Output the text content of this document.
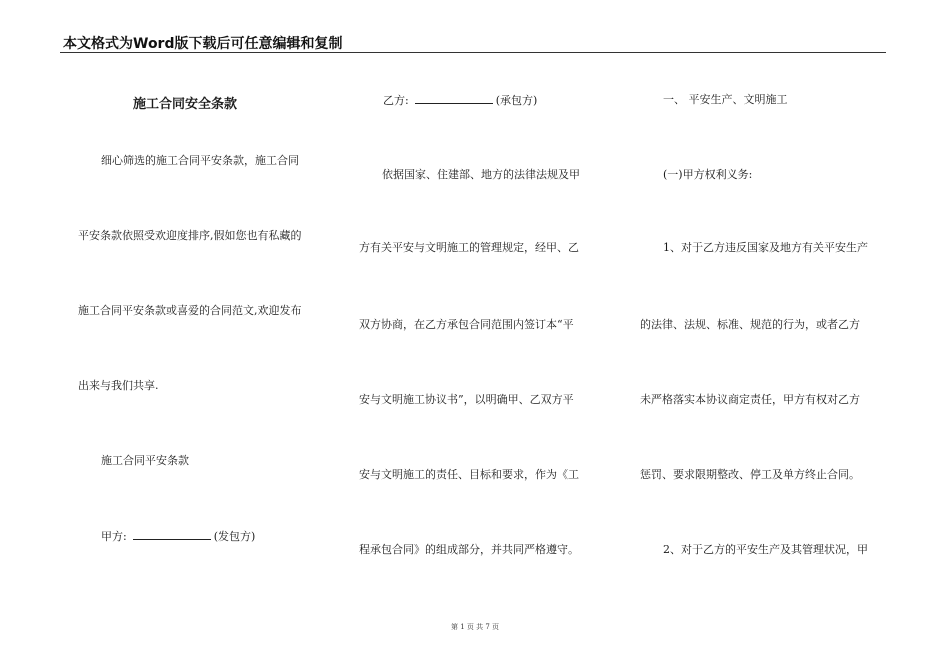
本文格式为Word版下载后可任意编辑和复制
施工合同安全条款
细心筛选的施工合同平安条款，施工合同
平安条款依照受欢迎度排序,假如您也有私藏的
施工合同平安条款或喜爱的合同范文,欢迎发布
出来与我们共享.
施工合同平安条款
甲方:	(发包方)
乙方:	(承包方)
依据国家、住建部、地方的法律法规及甲
方有关平安与文明施工的管理规定，经甲、乙
双方协商，在乙方承包合同范围内签订本“平
安与文明施工协议书”，以明确甲、乙双方平
安与文明施工的责任、目标和要求，作为《工
程承包合同》的组成部分，并共同严格遵守。
一、 平安生产、文明施工
(一)甲方权利义务:
1、对于乙方违反国家及地方有关平安生产
的法律、法规、标准、规范的行为，或者乙方
未严格落实本协议商定责任，甲方有权对乙方
惩罚、要求限期整改、停工及单方终止合同。
2、对于乙方的平安生产及其管理状况，甲
第 1 页 共 7 页
